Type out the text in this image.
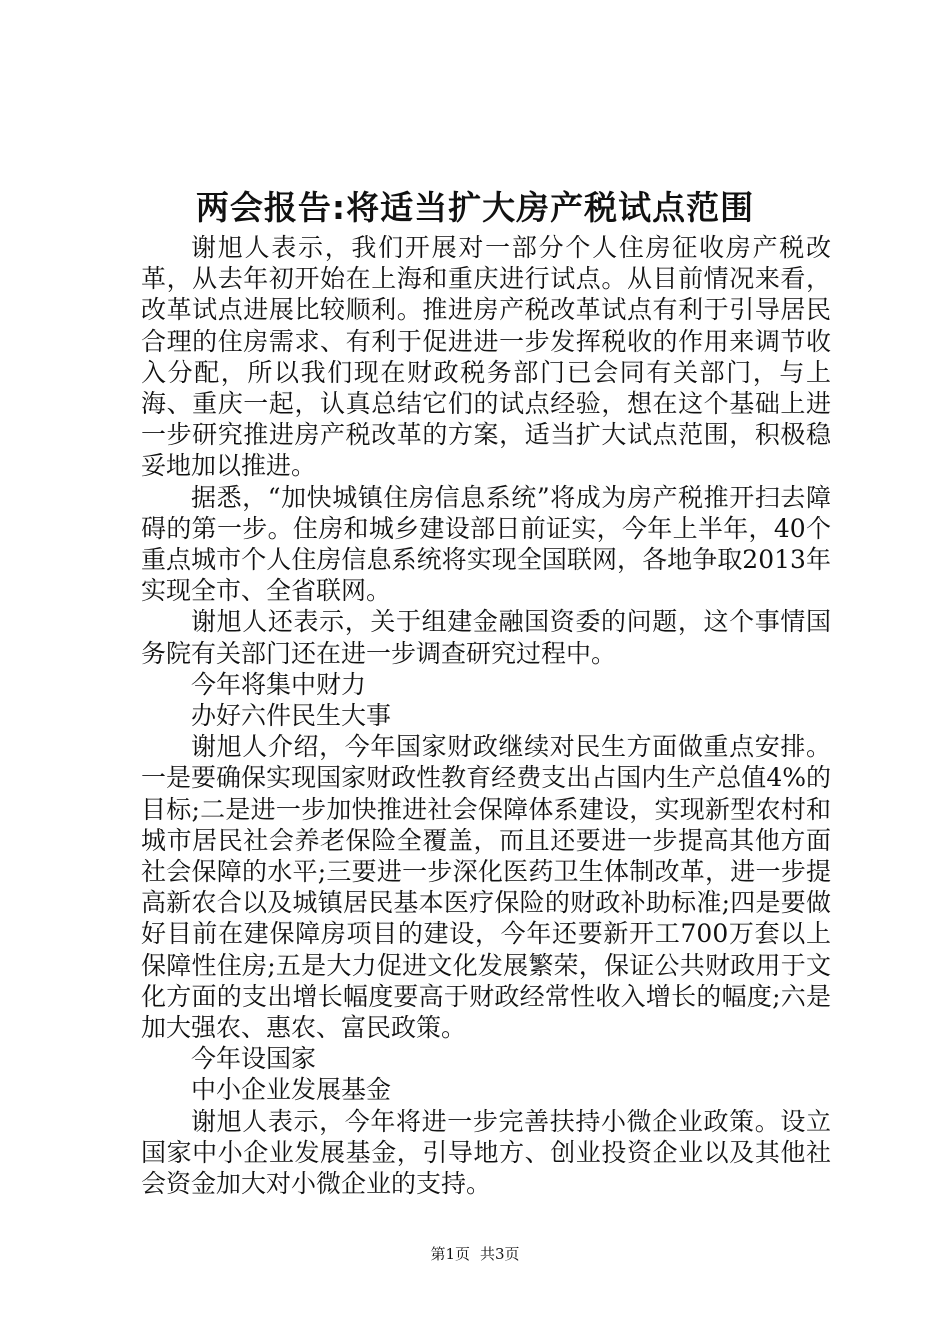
两会报告:将适当扩大房产税试点范围

谢旭人表示，我们开展对一部分个人住房征收房产税改革，从去年初开始在上海和重庆进行试点。从目前情况来看，改革试点进展比较顺利。推进房产税改革试点有利于引导居民合理的住房需求、有利于促进进一步发挥税收的作用来调节收入分配，所以我们现在财政税务部门已会同有关部门，与上海、重庆一起，认真总结它们的试点经验，想在这个基础上进一步研究推进房产税改革的方案，适当扩大试点范围，积极稳妥地加以推进。

据悉，“加快城镇住房信息系统”将成为房产税推开扫去障碍的第一步。住房和城乡建设部日前证实，今年上半年，40个重点城市个人住房信息系统将实现全国联网，各地争取2013年实现全市、全省联网。

谢旭人还表示，关于组建金融国资委的问题，这个事情国务院有关部门还在进一步调查研究过程中。

今年将集中财力

办好六件民生大事

谢旭人介绍，今年国家财政继续对民生方面做重点安排。一是要确保实现国家财政性教育经费支出占国内生产总值4%的目标;二是进一步加快推进社会保障体系建设，实现新型农村和城市居民社会养老保险全覆盖，而且还要进一步提高其他方面社会保障的水平;三要进一步深化医药卫生体制改革，进一步提高新农合以及城镇居民基本医疗保险的财政补助标准;四是要做好目前在建保障房项目的建设，今年还要新开工700万套以上保障性住房;五是大力促进文化发展繁荣，保证公共财政用于文化方面的支出增长幅度要高于财政经常性收入增长的幅度;六是加大强农、惠农、富民政策。

今年设国家

中小企业发展基金

谢旭人表示，今年将进一步完善扶持小微企业政策。设立国家中小企业发展基金，引导地方、创业投资企业以及其他社会资金加大对小微企业的支持。

第1页 共3页
